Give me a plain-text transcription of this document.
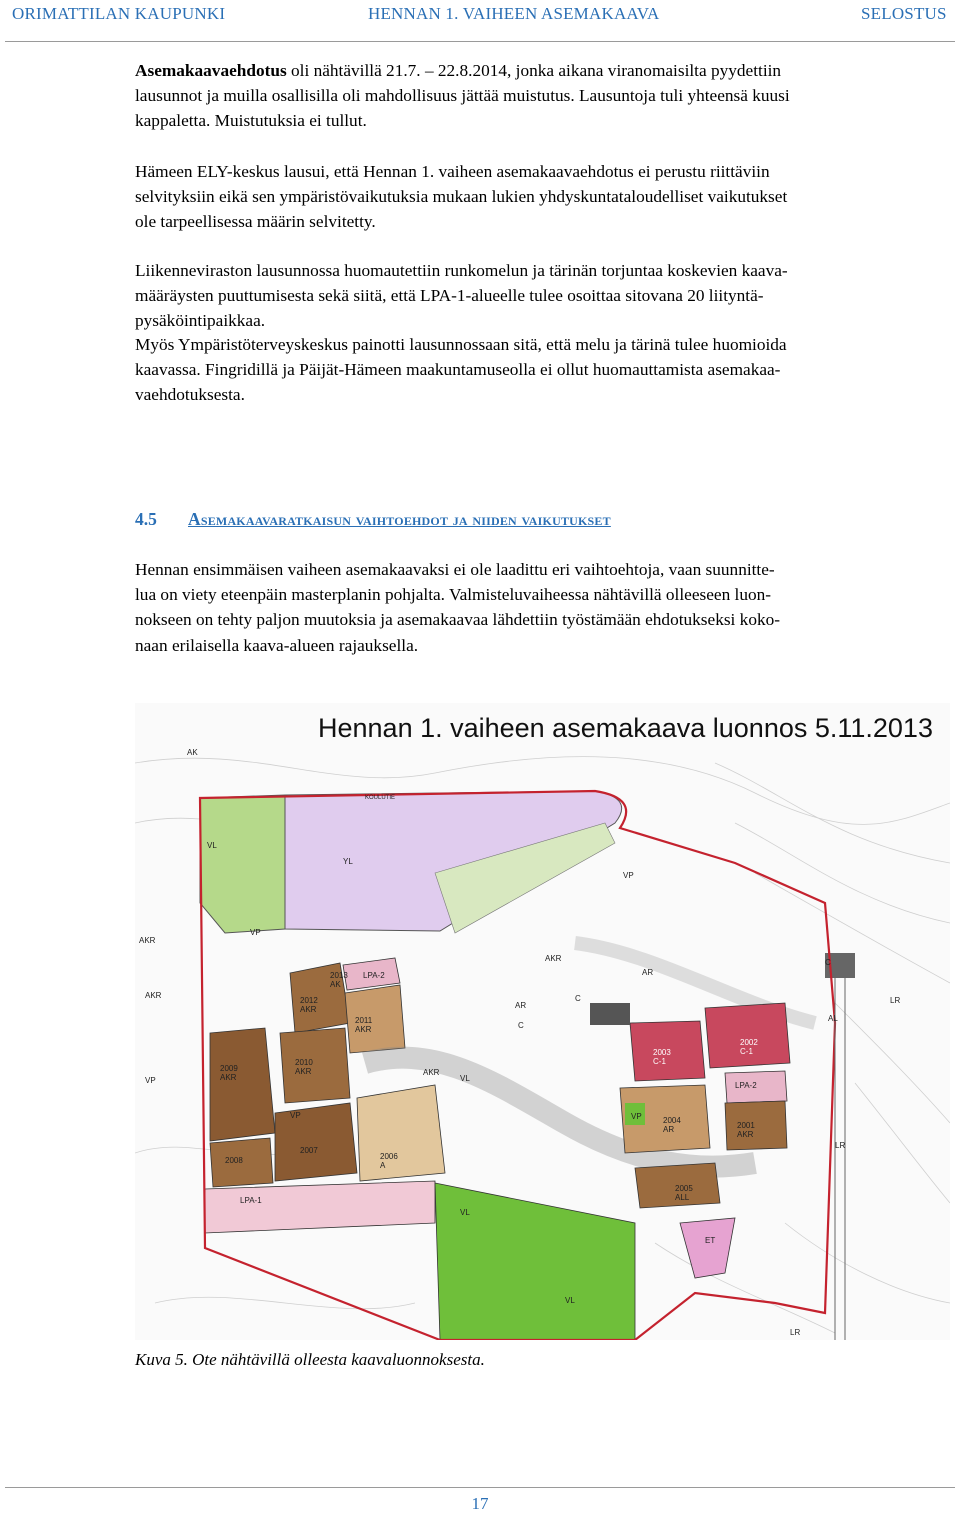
ORIMATTILAN KAUPUNKI	HENNAN 1. VAIHEEN ASEMAKAAVA	SELOSTUS
Asemakaavaehdotus oli nähtävillä 21.7. – 22.8.2014, jonka aikana viranomaisilta pyydettiin
lausunnot ja muilla osallisilla oli mahdollisuus jättää muistutus. Lausuntoja tuli yhteensä kuusi
kappaletta. Muistutuksia ei tullut.
Hämeen ELY-keskus lausui, että Hennan 1. vaiheen asemakaavaehdotus ei perustu riittäviin
selvityksiin eikä sen ympäristövaikutuksia mukaan lukien yhdyskuntataloudelliset vaikutukset
ole tarpeellisessa määrin selvitetty.
Liikenneviraston lausunnossa huomautettiin runkomelun ja tärinän torjuntaa koskevien kaava-
määräysten puuttumisesta sekä siitä, että LPA-1-alueelle tulee osoittaa sitovana 20 liityntä-
pysäköintipaikkaa.
Myös Ympäristöterveyskeskus painotti lausunnossaan sitä, että melu ja tärinä tulee huomioida
kaavassa. Fingridillä ja Päijät-Hämeen maakuntamuseolla ei ollut huomauttamista asemakaa-
vaehdotuksesta.
4.5 Asemakaavaratkaisun vaihtoehdot ja niiden vaikutukset
Hennan ensimmäisen vaiheen asemakaavaksi ei ole laadittu eri vaihtoehtoja, vaan suunnitte-
lua on viety eteenpäin masterplanin pohjalta. Valmisteluvaiheessa nähtävillä olleeseen luon-
nokseen on tehty paljon muutoksia ja asemakaavaa lähdettiin työstämään ehdotukseksi koko-
naan erilaisella kaava-alueen rajauksella.
Hennan 1. vaiheen asemakaava luonnos 5.11.2013
AK
VL
YL
KOULUTIE
VP
AKR
AKR
VP
VP
LPA-2
2012 AKR
2011 AKR
2013 AK
2009 AKR
2010 AKR
VP
2008
2007
2006 A
LPA-1
VL
VL
VL
C
C
C
AR
AR
AKR
AKR
2003 C-1
2002 C-1
LPA-2
2004 AR	2001 AKR
2005 ALL
ET
LR
LR
LR
AL
VP
Kuva 5. Ote nähtävillä olleesta kaavaluonnoksesta.
17
